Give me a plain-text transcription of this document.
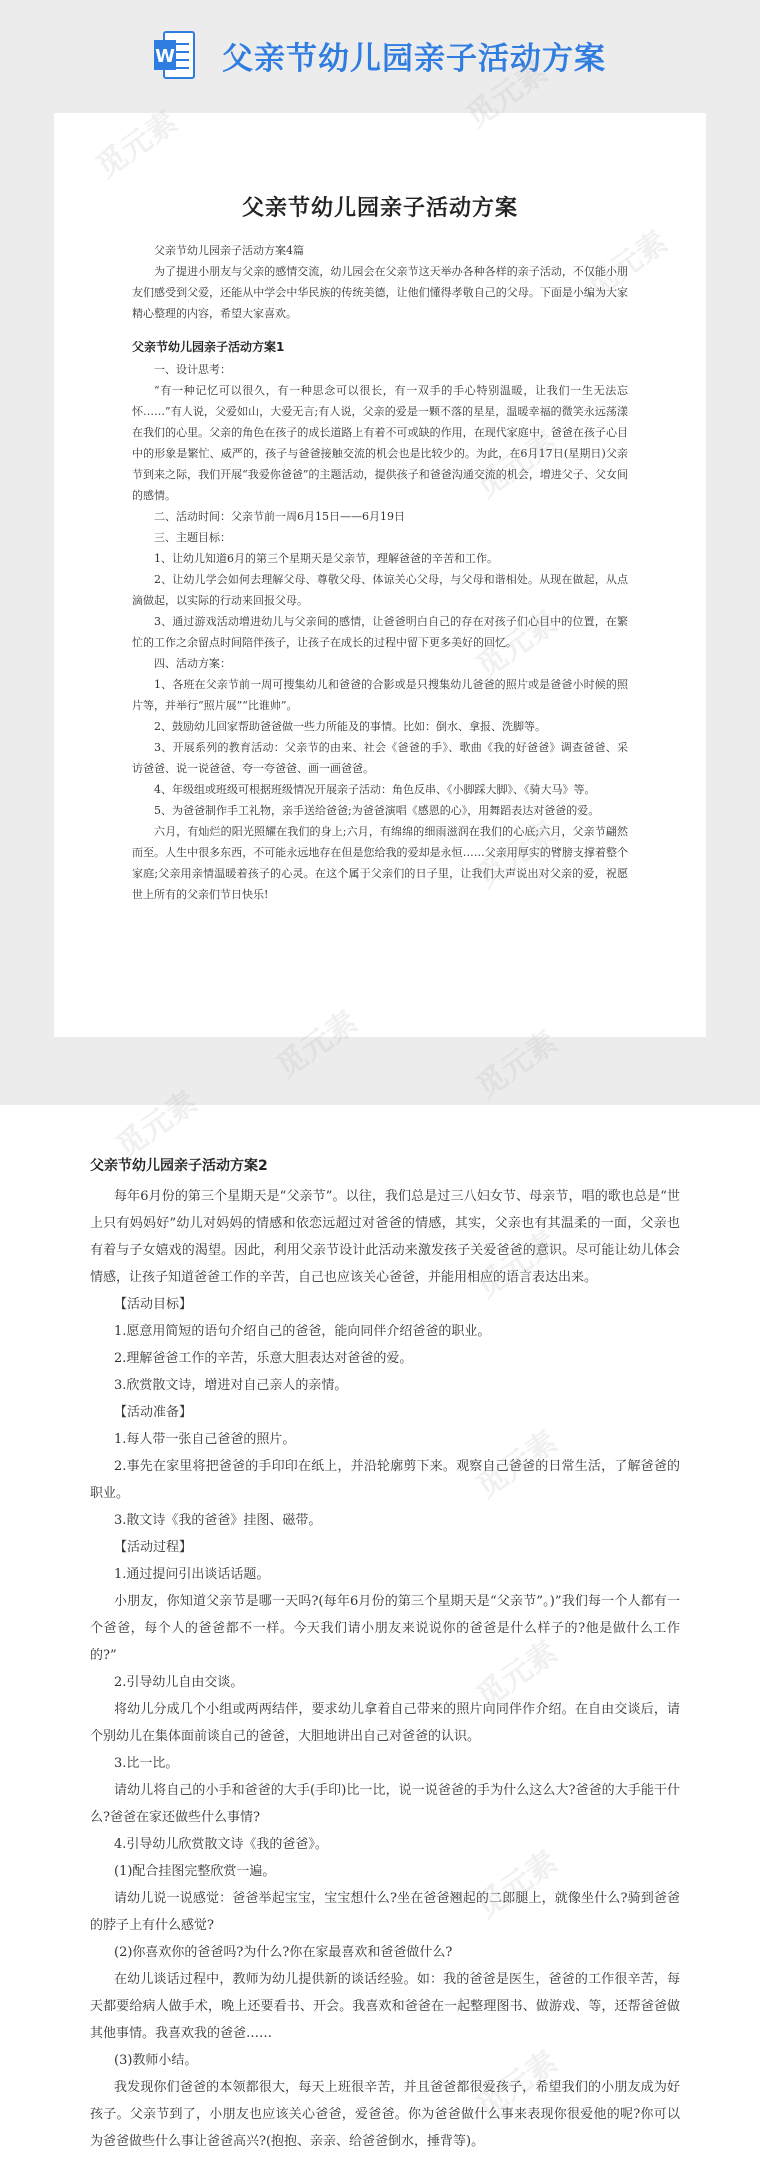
W 父亲节幼儿园亲子活动方案
父亲节幼儿园亲子活动方案

父亲节幼儿园亲子活动方案4篇

为了提进小朋友与父亲的感情交流，幼儿园会在父亲节这天举办各种各样的亲子活动，不仅能小朋友们感受到父爱，还能从中学会中华民族的传统美德，让他们懂得孝敬自己的父母。下面是小编为大家精心整理的内容，希望大家喜欢。

父亲节幼儿园亲子活动方案1

一、设计思考：

“有一种记忆可以很久，有一种思念可以很长，有一双手的手心特别温暖，让我们一生无法忘怀……”有人说，父爱如山，大爱无言;有人说，父亲的爱是一颗不落的星星，温暖幸福的微笑永远荡漾在我们的心里。父亲的角色在孩子的成长道路上有着不可或缺的作用，在现代家庭中，爸爸在孩子心目中的形象是繁忙、威严的，孩子与爸爸接触交流的机会也是比较少的。为此，在6月17日(星期日)父亲节到来之际，我们开展“我爱你爸爸”的主题活动，提供孩子和爸爸沟通交流的机会，增进父子、父女间的感情。

二、活动时间：父亲节前一周6月15日——6月19日

三、主题目标：

1、让幼儿知道6月的第三个星期天是父亲节，理解爸爸的辛苦和工作。

2、让幼儿学会如何去理解父母、尊敬父母、体谅关心父母，与父母和谐相处。从现在做起，从点滴做起，以实际的行动来回报父母。

3、通过游戏活动增进幼儿与父亲间的感情，让爸爸明白自己的存在对孩子们心目中的位置，在繁忙的工作之余留点时间陪伴孩子，让孩子在成长的过程中留下更多美好的回忆。

四、活动方案：

1、各班在父亲节前一周可搜集幼儿和爸爸的合影或是只搜集幼儿爸爸的照片或是爸爸小时候的照片等，并举行“照片展”“比谁帅”。

2、鼓励幼儿回家帮助爸爸做一些力所能及的事情。比如：倒水、拿报、洗脚等。

3、开展系列的教育活动：父亲节的由来、社会《爸爸的手》、歌曲《我的好爸爸》调查爸爸、采访爸爸、说一说爸爸、夸一夸爸爸、画一画爸爸。

4、年级组或班级可根据班级情况开展亲子活动：角色反串、《小脚踩大脚》、《骑大马》等。

5、为爸爸制作手工礼物，亲手送给爸爸;为爸爸演唱《感恩的心》，用舞蹈表达对爸爸的爱。

六月，有灿烂的阳光照耀在我们的身上;六月，有绵绵的细雨滋润在我们的心底;六月，父亲节翩然而至。人生中很多东西，不可能永远地存在但是您给我的爱却是永恒……父亲用厚实的臂膀支撑着整个家庭;父亲用亲情温暖着孩子的心灵。在这个属于父亲们的日子里，让我们大声说出对父亲的爱，祝愿世上所有的父亲们节日快乐!

父亲节幼儿园亲子活动方案2

每年6月份的第三个星期天是“父亲节”。以往，我们总是过三八妇女节、母亲节，唱的歌也总是“世上只有妈妈好”幼儿对妈妈的情感和依恋远超过对爸爸的情感，其实，父亲也有其温柔的一面，父亲也有着与子女嬉戏的渴望。因此，利用父亲节设计此活动来激发孩子关爱爸爸的意识。尽可能让幼儿体会情感，让孩子知道爸爸工作的辛苦，自己也应该关心爸爸，并能用相应的语言表达出来。

【活动目标】

1.愿意用简短的语句介绍自己的爸爸，能向同伴介绍爸爸的职业。

2.理解爸爸工作的辛苦，乐意大胆表达对爸爸的爱。

3.欣赏散文诗，增进对自己亲人的亲情。

【活动准备】

1.每人带一张自己爸爸的照片。

2.事先在家里将把爸爸的手印印在纸上，并沿轮廓剪下来。观察自己爸爸的日常生活，了解爸爸的职业。

3.散文诗《我的爸爸》挂图、磁带。

【活动过程】

1.通过提问引出谈话话题。

小朋友，你知道父亲节是哪一天吗?(每年6月份的第三个星期天是“父亲节”。)”我们每一个人都有一个爸爸，每个人的爸爸都不一样。今天我们请小朋友来说说你的爸爸是什么样子的?他是做什么工作的?”

2.引导幼儿自由交谈。

将幼儿分成几个小组或两两结伴，要求幼儿拿着自己带来的照片向同伴作介绍。在自由交谈后，请个别幼儿在集体面前谈自己的爸爸，大胆地讲出自己对爸爸的认识。

3.比一比。

请幼儿将自己的小手和爸爸的大手(手印)比一比，说一说爸爸的手为什么这么大?爸爸的大手能干什么?爸爸在家还做些什么事情?

4.引导幼儿欣赏散文诗《我的爸爸》。

(1)配合挂图完整欣赏一遍。

请幼儿说一说感觉：爸爸举起宝宝，宝宝想什么?坐在爸爸翘起的二郎腿上，就像坐什么?骑到爸爸的脖子上有什么感觉?

(2)你喜欢你的爸爸吗?为什么?你在家最喜欢和爸爸做什么?

在幼儿谈话过程中，教师为幼儿提供新的谈话经验。如：我的爸爸是医生，爸爸的工作很辛苦，每天都要给病人做手术，晚上还要看书、开会。我喜欢和爸爸在一起整理图书、做游戏、等，还帮爸爸做其他事情。我喜欢我的爸爸……

(3)教师小结。

我发现你们爸爸的本领都很大，每天上班很辛苦，并且爸爸都很爱孩子，希望我们的小朋友成为好孩子。父亲节到了，小朋友也应该关心爸爸，爱爸爸。你为爸爸做什么事来表现你很爱他的呢?你可以为爸爸做些什么事让爸爸高兴?(抱抱、亲亲、给爸爸倒水，捶背等)。

觅元素
觅元素
觅元素
觅元素
觅元素
觅元素
